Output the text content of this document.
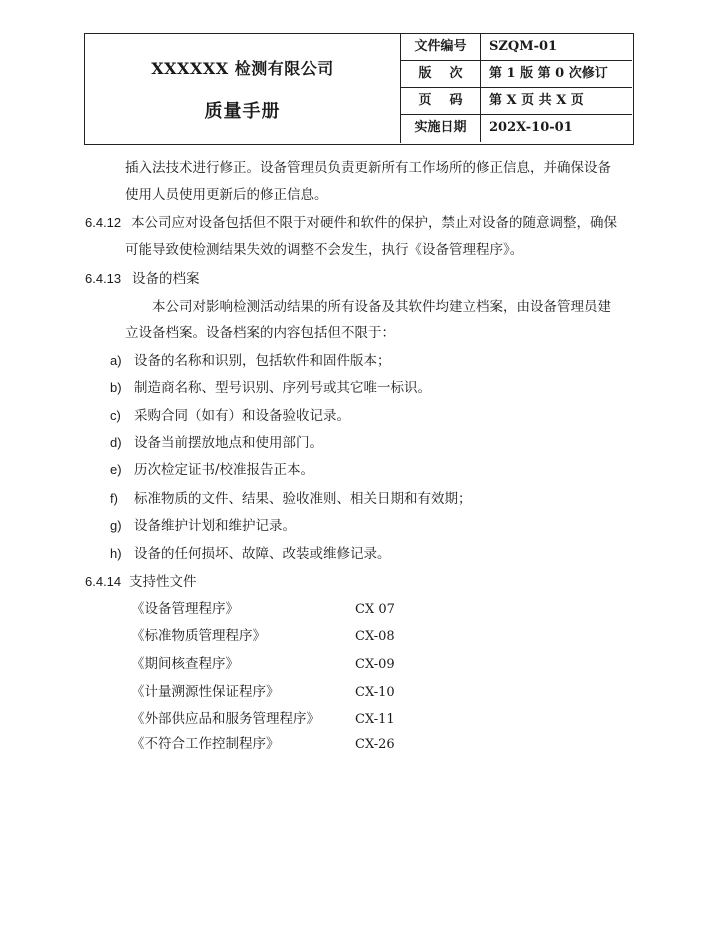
XXXXXX 检测有限公司
质量手册
文件编号	SZQM-01
版    次	第 1 版 第 0 次修订
页    码	第 X 页 共 X 页
实施日期	202X-10-01
插入法技术进行修正。设备管理员负责更新所有工作场所的修正信息，并确保设备
使用人员使用更新后的修正信息。
6.4.12 本公司应对设备包括但不限于对硬件和软件的保护，禁止对设备的随意调整，确保
可能导致使检测结果失效的调整不会发生，执行《设备管理程序》。
6.4.13 设备的档案
本公司对影响检测活动结果的所有设备及其软件均建立档案，由设备管理员建
立设备档案。设备档案的内容包括但不限于：
a) 设备的名称和识别，包括软件和固件版本；
b) 制造商名称、型号识别、序列号或其它唯一标识。
c) 采购合同（如有）和设备验收记录。
d) 设备当前摆放地点和使用部门。
e) 历次检定证书/校准报告正本。
f) 标准物质的文件、结果、验收准则、相关日期和有效期；
g) 设备维护计划和维护记录。
h) 设备的任何损坏、故障、改装或维修记录。
6.4.14 支持性文件
《设备管理程序》	CX 07
《标准物质管理程序》	CX-08
《期间核查程序》	CX-09
《计量溯源性保证程序》	CX-10
《外部供应品和服务管理程序》	CX-11
《不符合工作控制程序》	CX-26
